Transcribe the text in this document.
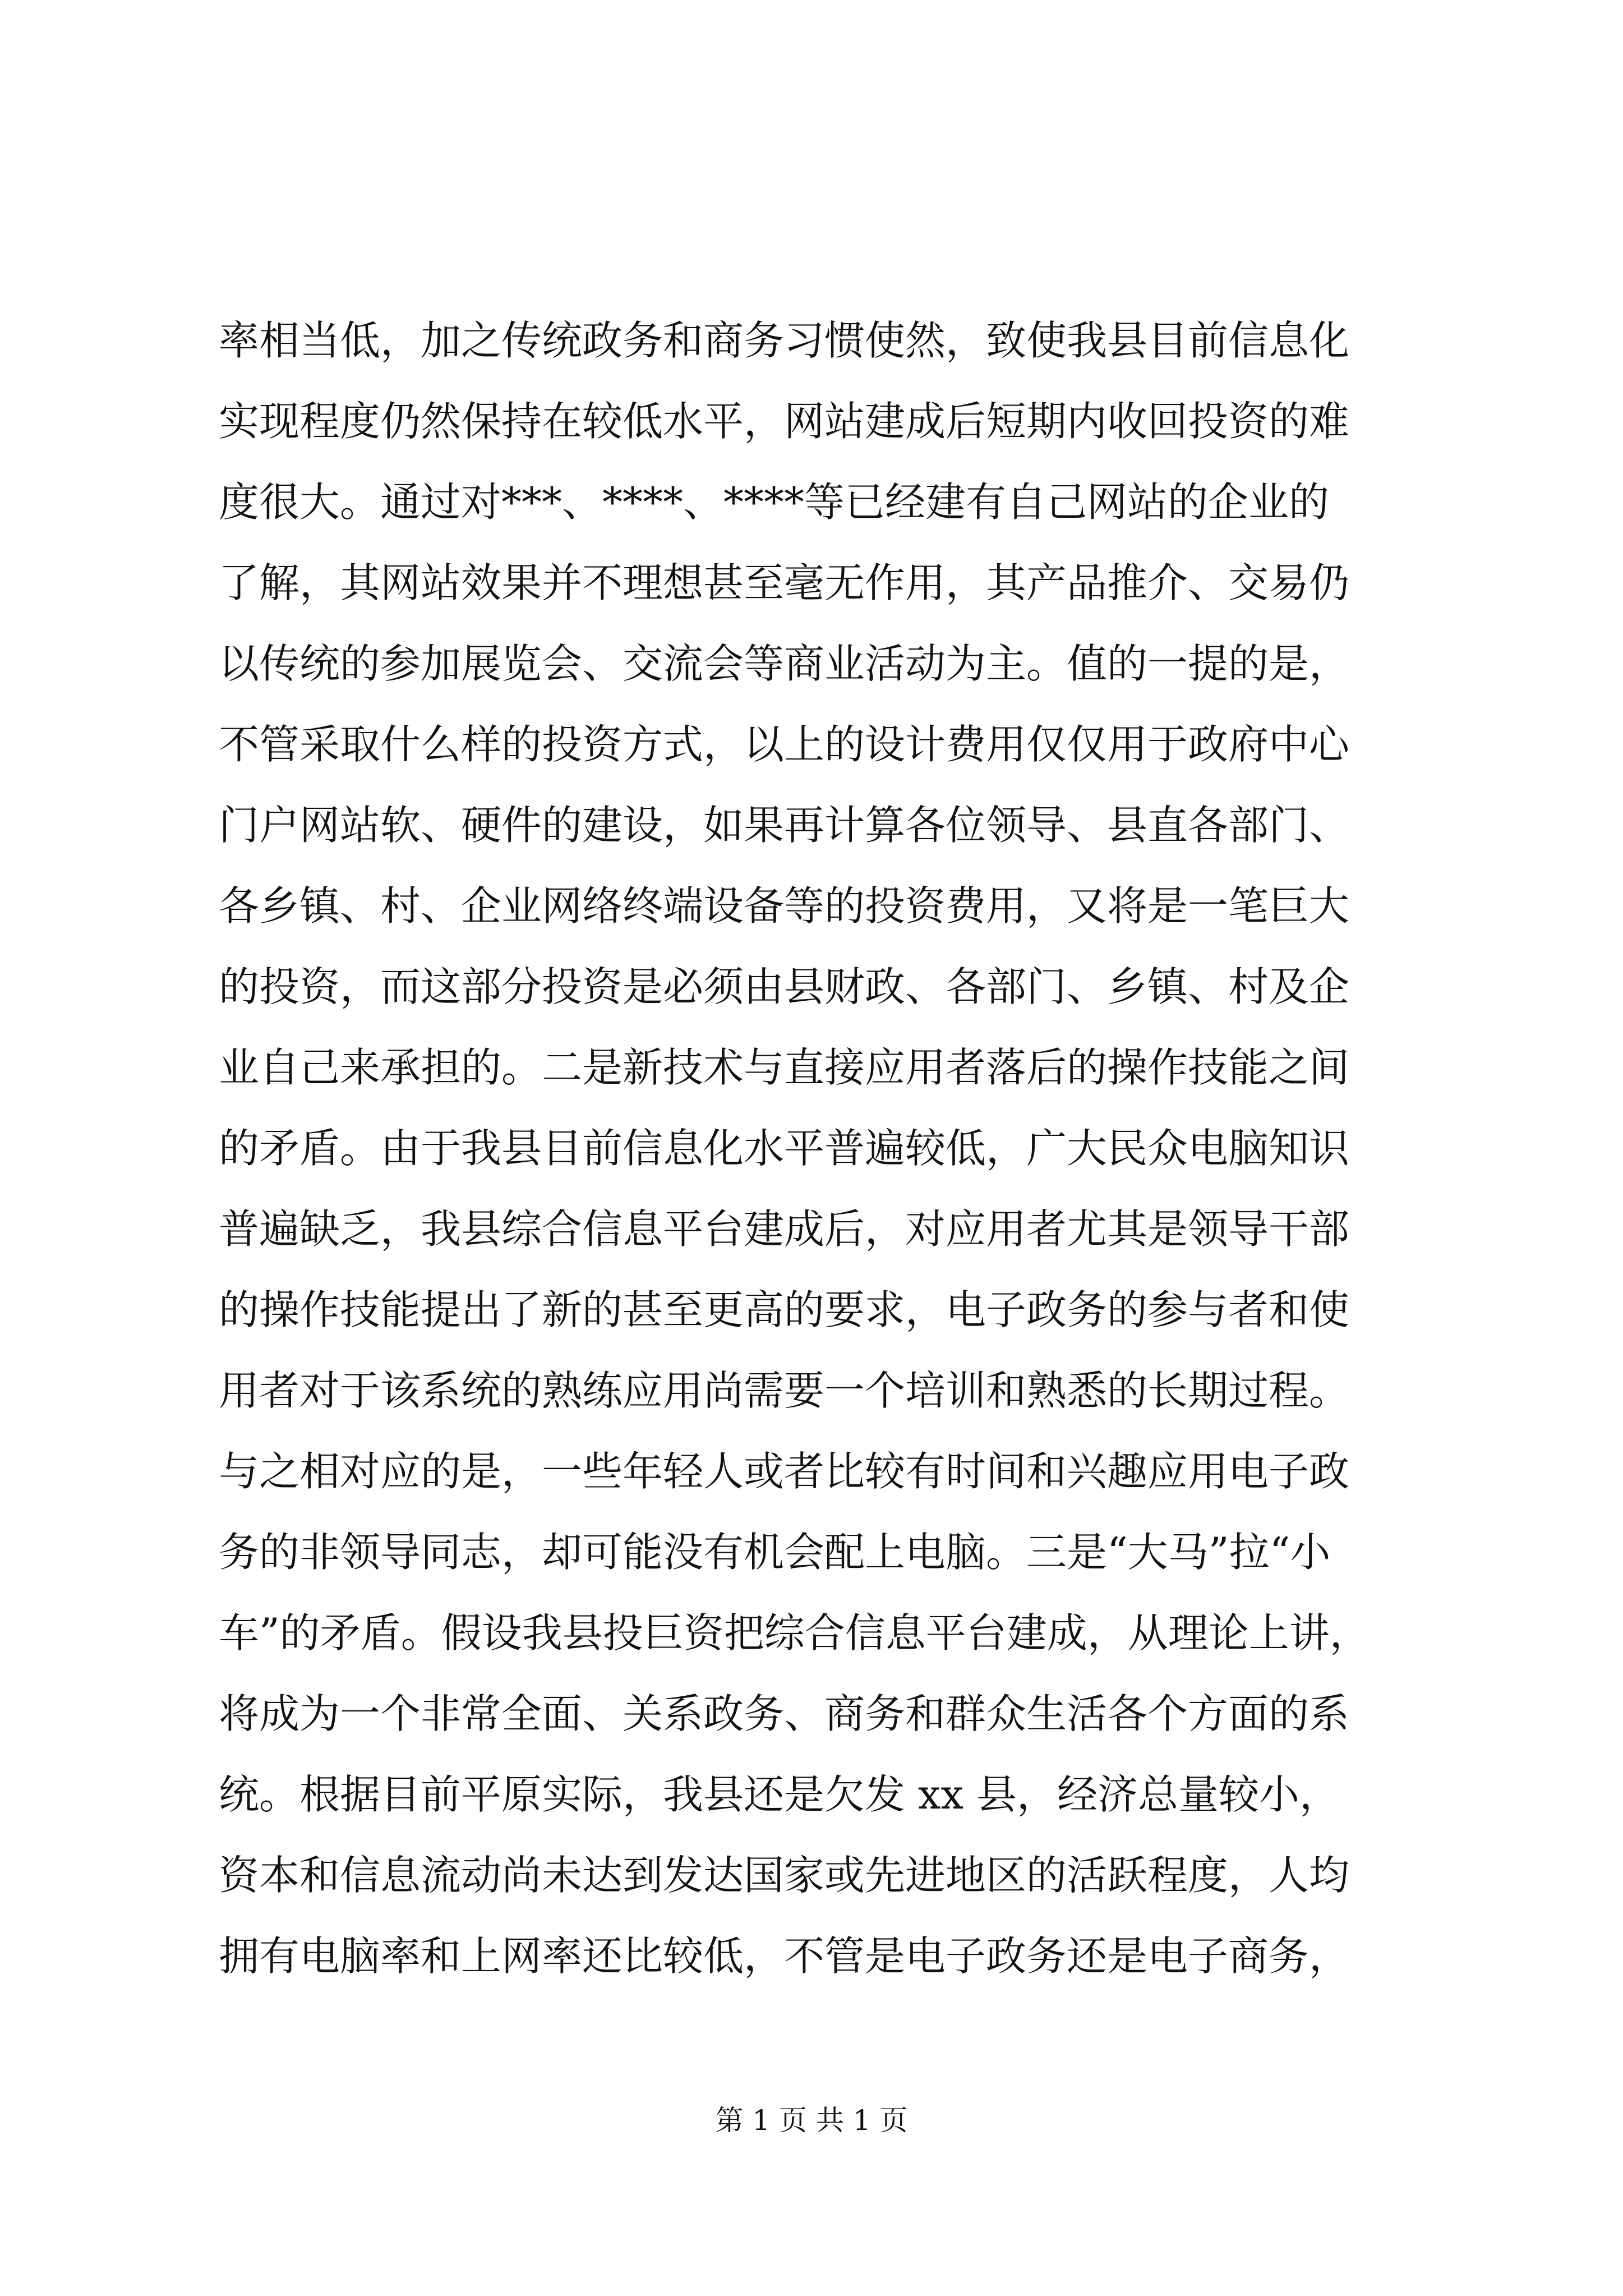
率相当低，加之传统政务和商务习惯使然，致使我县目前信息化
实现程度仍然保持在较低水平，网站建成后短期内收回投资的难
度很大。通过对***、****、****等已经建有自己网站的企业的
了解，其网站效果并不理想甚至毫无作用，其产品推介、交易仍
以传统的参加展览会、交流会等商业活动为主。值的一提的是，
不管采取什么样的投资方式，以上的设计费用仅仅用于政府中心
门户网站软、硬件的建设，如果再计算各位领导、县直各部门、
各乡镇、村、企业网络终端设备等的投资费用，又将是一笔巨大
的投资，而这部分投资是必须由县财政、各部门、乡镇、村及企
业自己来承担的。二是新技术与直接应用者落后的操作技能之间
的矛盾。由于我县目前信息化水平普遍较低，广大民众电脑知识
普遍缺乏，我县综合信息平台建成后，对应用者尤其是领导干部
的操作技能提出了新的甚至更高的要求，电子政务的参与者和使
用者对于该系统的熟练应用尚需要一个培训和熟悉的长期过程。
与之相对应的是，一些年轻人或者比较有时间和兴趣应用电子政
务的非领导同志，却可能没有机会配上电脑。三是“大马”拉“小
车”的矛盾。假设我县投巨资把综合信息平台建成，从理论上讲，
将成为一个非常全面、关系政务、商务和群众生活各个方面的系
统。根据目前平原实际，我县还是欠发 xx 县，经济总量较小，
资本和信息流动尚未达到发达国家或先进地区的活跃程度，人均
拥有电脑率和上网率还比较低，不管是电子政务还是电子商务，
第 1 页 共 1 页
